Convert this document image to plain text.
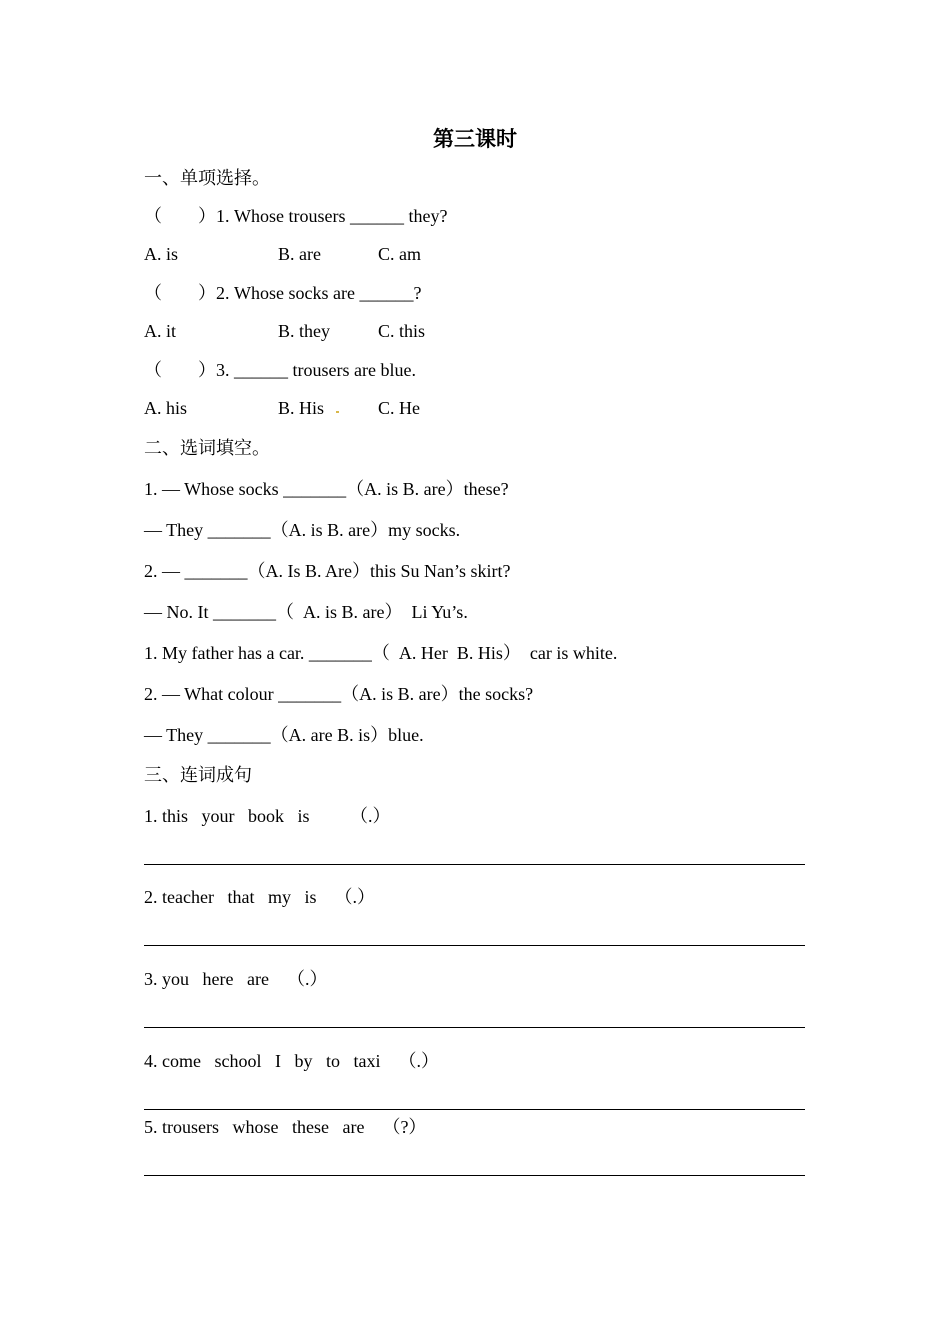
第三课时
一、单项选择。
（        ）1. Whose trousers ______ they?
A. is	B. are	C. am
（        ）2. Whose socks are ______?
A. it	B. they	C. this
（        ）3. ______ trousers are blue.
A. his	B. His	C. He
二、选词填空。
1. — Whose socks _______（A. is B. are）these?
— They _______（A. is B. are）my socks.
2. — _______（A. Is B. Are）this Su Nan’s skirt?
— No. It _______（  A. is B. are）  Li Yu’s.
1. My father has a car. _______（  A. Her  B. His）  car is white.
2. — What colour _______（A. is B. are）the socks?
— They _______（A. are B. is）blue.
三、连词成句
1. this   your   book   is         （.）
2. teacher   that   my   is    （.）
3. you   here   are    （.）
4. come   school   I   by   to   taxi    （.）
5. trousers   whose   these   are    （?）
